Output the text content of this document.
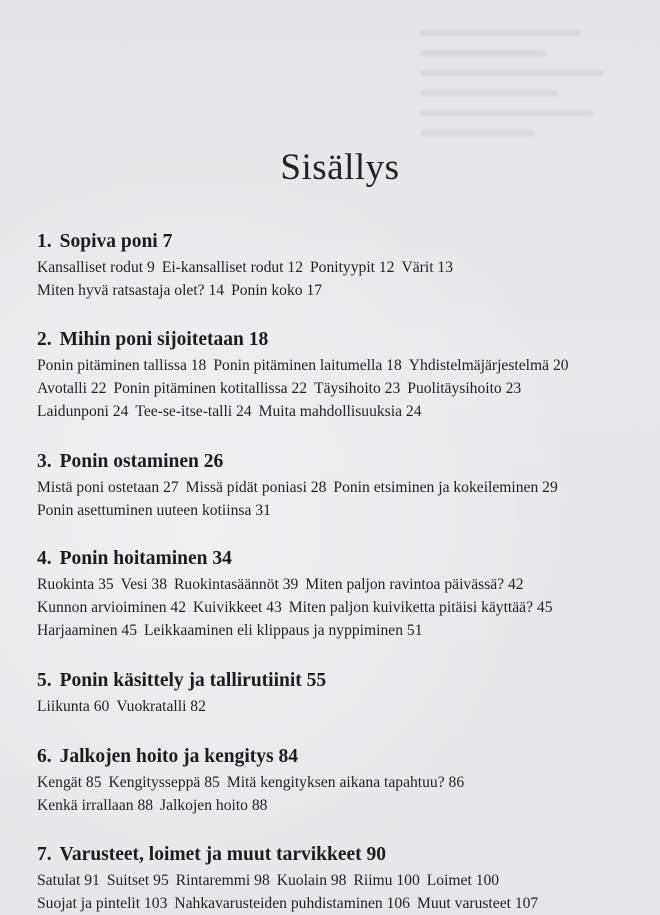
Sisällys
1. Sopiva poni 7
Kansalliset rodut 9 Ei-kansalliset rodut 12 Ponityypit 12 Värit 13
Miten hyvä ratsastaja olet? 14 Ponin koko 17
2. Mihin poni sijoitetaan 18
Ponin pitäminen tallissa 18 Ponin pitäminen laitumella 18 Yhdistelmäjärjestelmä 20
Avotalli 22 Ponin pitäminen kotitallissa 22 Täysihoito 23 Puolitäysihoito 23
Laidunponi 24 Tee-se-itse-talli 24 Muita mahdollisuuksia 24
3. Ponin ostaminen 26
Mistä poni ostetaan 27 Missä pidät poniasi 28 Ponin etsiminen ja kokeileminen 29
Ponin asettuminen uuteen kotiinsa 31
4. Ponin hoitaminen 34
Ruokinta 35 Vesi 38 Ruokintasäännöt 39 Miten paljon ravintoa päivässä? 42
Kunnon arvioiminen 42 Kuivikkeet 43 Miten paljon kuiviketta pitäisi käyttää? 45
Harjaaminen 45 Leikkaaminen eli klippaus ja nyppiminen 51
5. Ponin käsittely ja tallirutiinit 55
Liikunta 60 Vuokratalli 82
6. Jalkojen hoito ja kengitys 84
Kengät 85 Kengitysseppä 85 Mitä kengityksen aikana tapahtuu? 86
Kenkä irrallaan 88 Jalkojen hoito 88
7. Varusteet, loimet ja muut tarvikkeet 90
Satulat 91 Suitset 95 Rintaremmi 98 Kuolain 98 Riimu 100 Loimet 100
Suojat ja pintelit 103 Nahkavarusteiden puhdistaminen 106 Muut varusteet 107
